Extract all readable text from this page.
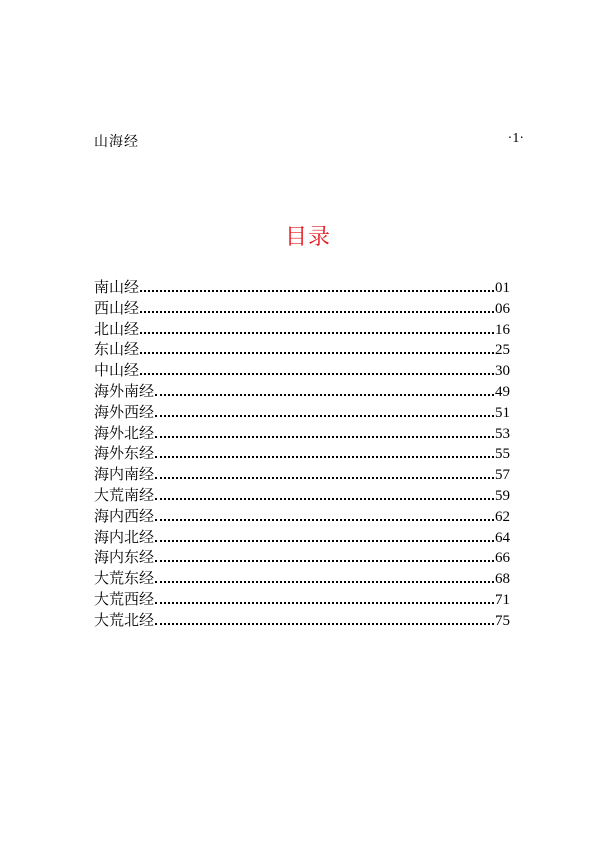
山海经	·1·
目录
南山经	01
西山经	06
北山经	16
东山经	25
中山经	30
海外南经	49
海外西经	51
海外北经	53
海外东经	55
海内南经	57
大荒南经	59
海内西经	62
海内北经	64
海内东经	66
大荒东经	68
大荒西经	71
大荒北经	75
